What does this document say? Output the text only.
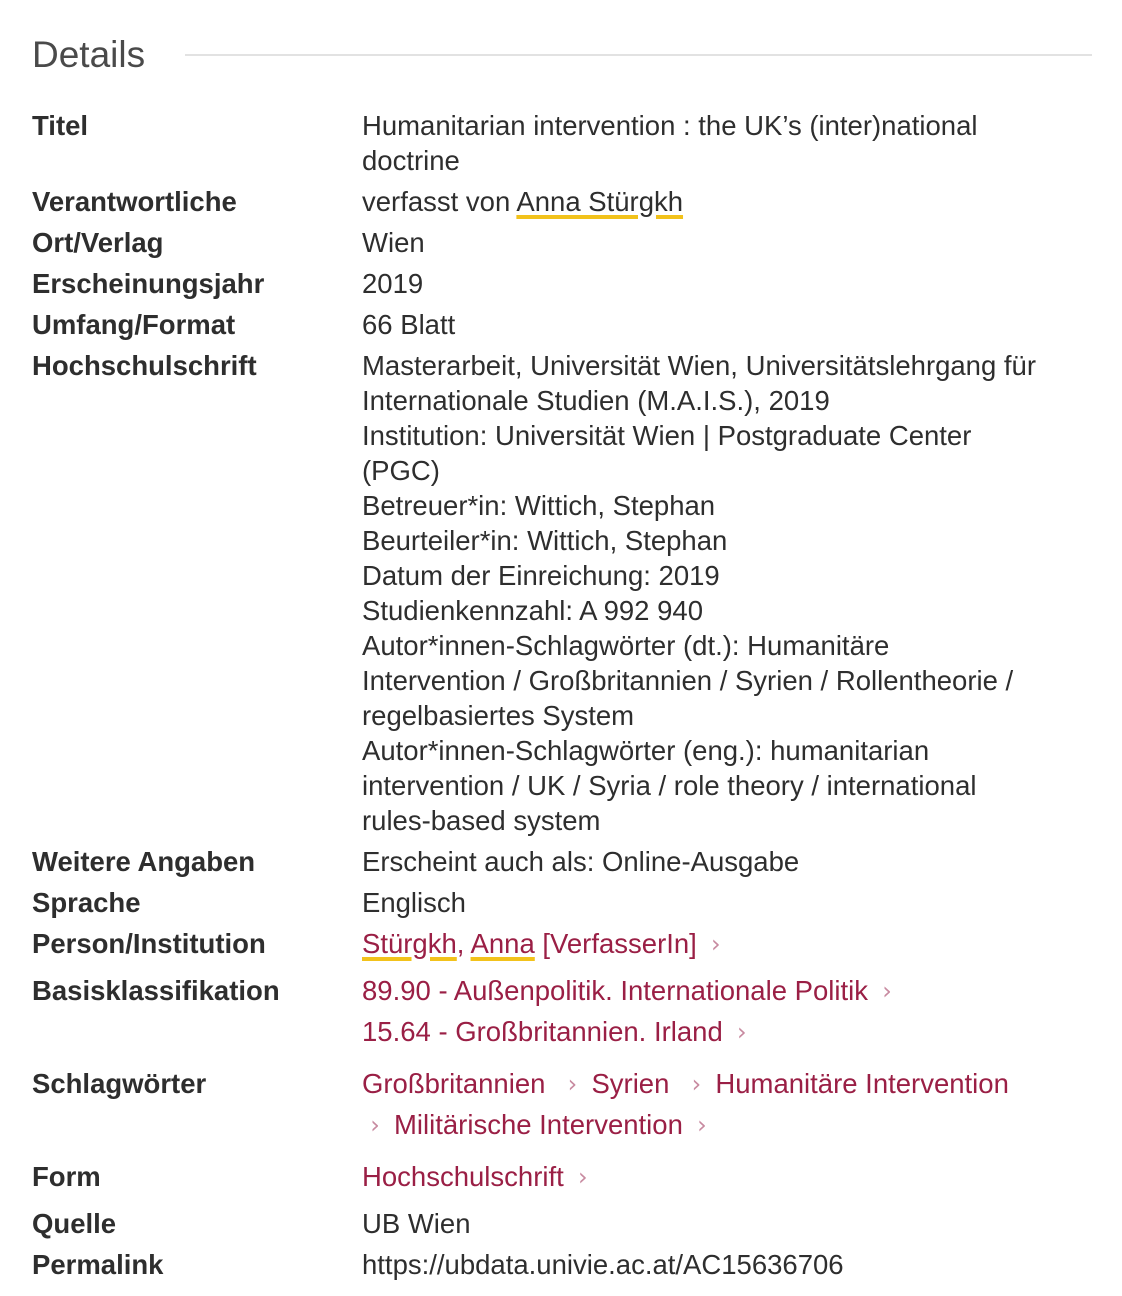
Details
Titel	Humanitarian intervention : the UK’s (inter)national
doctrine
Verantwortliche	verfasst von Anna Stürgkh
Ort/Verlag	Wien
Erscheinungsjahr	2019
Umfang/Format	66 Blatt
Hochschulschrift	Masterarbeit, Universität Wien, Universitätslehrgang für
Internationale Studien (M.A.I.S.), 2019
Institution: Universität Wien | Postgraduate Center
(PGC)
Betreuer*in: Wittich, Stephan
Beurteiler*in: Wittich, Stephan
Datum der Einreichung: 2019
Studienkennzahl: A 992 940
Autor*innen-Schlagwörter (dt.): Humanitäre
Intervention / Großbritannien / Syrien / Rollentheorie /
regelbasiertes System
Autor*innen-Schlagwörter (eng.): humanitarian
intervention / UK / Syria / role theory / international
rules-based system
Weitere Angaben	Erscheint auch als: Online-Ausgabe
Sprache	Englisch
Person/Institution	Stürgkh, Anna [VerfasserIn] ›
Basisklassifikation	89.90 - Außenpolitik. Internationale Politik ›
15.64 - Großbritannien. Irland ›
Schlagwörter	Großbritannien › Syrien › Humanitäre Intervention
› Militärische Intervention ›
Form	Hochschulschrift ›
Quelle	UB Wien
Permalink	https://ubdata.univie.ac.at/AC15636706
